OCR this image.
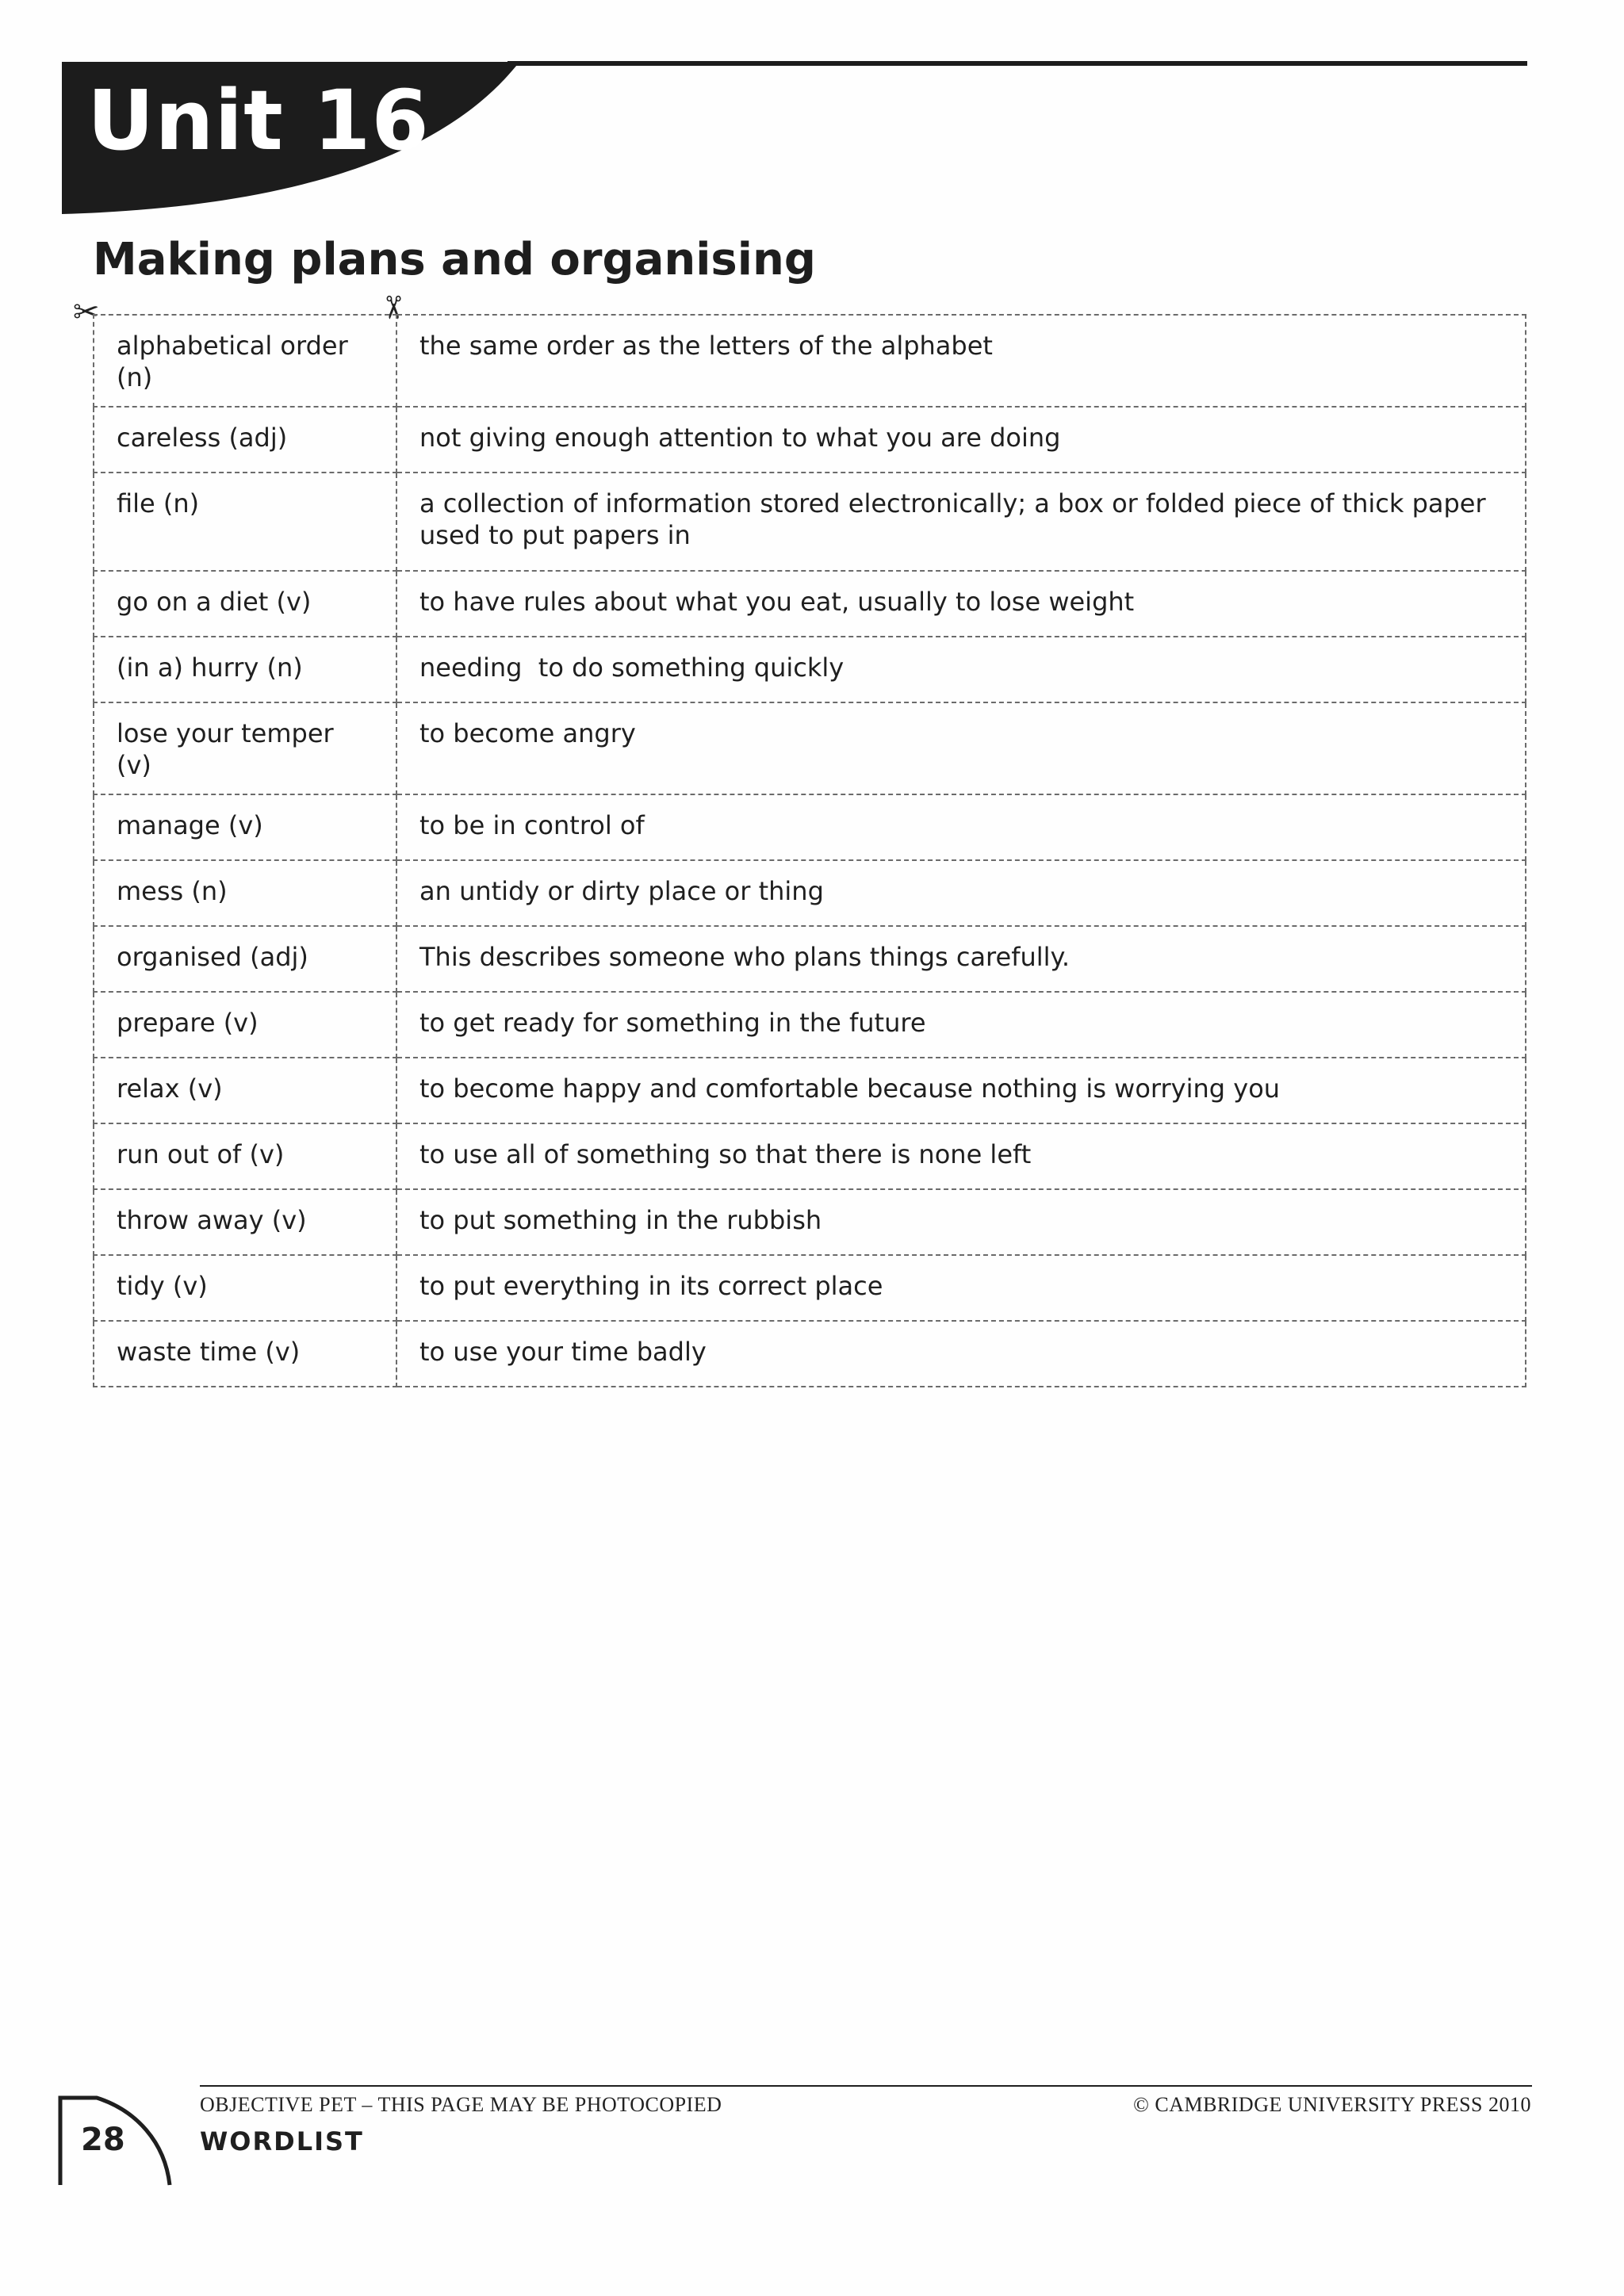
Unit 16
Making plans and organising
✂	✂
alphabetical order (n)	the same order as the letters of the alphabet
careless (adj)	not giving enough attention to what you are doing
file (n)	a collection of information stored electronically; a box or folded piece of thick paper used to put papers in
go on a diet (v)	to have rules about what you eat, usually to lose weight
(in a) hurry (n)	needing  to do something quickly
lose your temper (v)	to become angry
manage (v)	to be in control of
mess (n)	an untidy or dirty place or thing
organised (adj)	This describes someone who plans things carefully.
prepare (v)	to get ready for something in the future
relax (v)	to become happy and comfortable because nothing is worrying you
run out of (v)	to use all of something so that there is none left
throw away (v)	to put something in the rubbish
tidy (v)	to put everything in its correct place
waste time (v)	to use your time badly
OBJECTIVE PET – THIS PAGE MAY BE PHOTOCOPIED	© CAMBRIDGE UNIVERSITY PRESS 2010
WORDLIST
28
